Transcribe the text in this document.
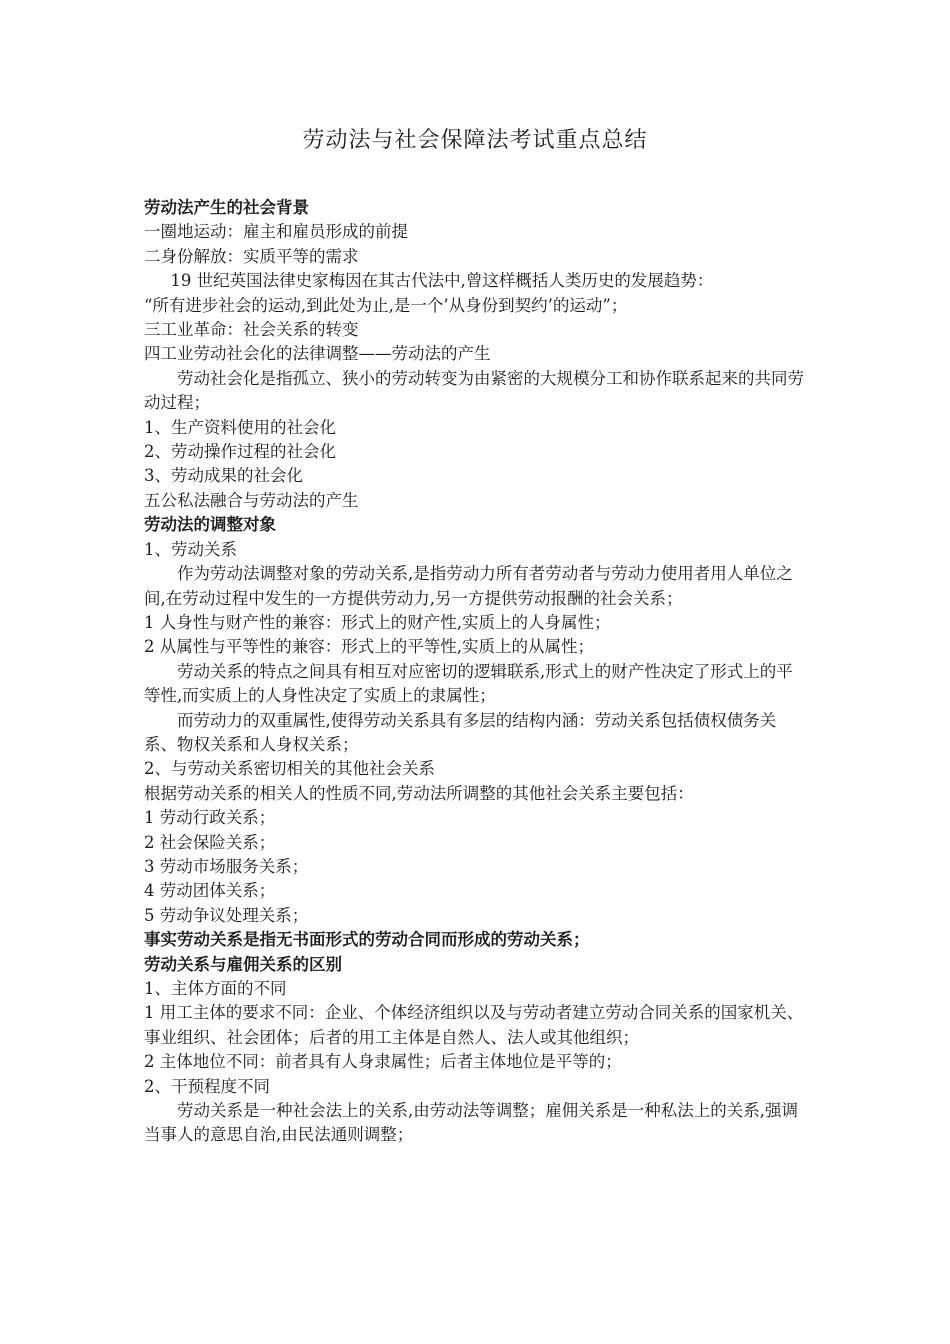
劳动法与社会保障法考试重点总结

劳动法产生的社会背景

一圈地运动：雇主和雇员形成的前提

二身份解放：实质平等的需求

19 世纪英国法律史家梅因在其古代法中,曾这样概括人类历史的发展趋势：

“所有进步社会的运动,到此处为止,是一个’从身份到契约’的运动”；

三工业革命：社会关系的转变

四工业劳动社会化的法律调整——劳动法的产生

劳动社会化是指孤立、狭小的劳动转变为由紧密的大规模分工和协作联系起来的共同劳动过程；

1、生产资料使用的社会化

2、劳动操作过程的社会化

3、劳动成果的社会化

五公私法融合与劳动法的产生

劳动法的调整对象

1、劳动关系

作为劳动法调整对象的劳动关系,是指劳动力所有者劳动者与劳动力使用者用人单位之间,在劳动过程中发生的一方提供劳动力,另一方提供劳动报酬的社会关系；

1 人身性与财产性的兼容：形式上的财产性,实质上的人身属性；

2 从属性与平等性的兼容：形式上的平等性,实质上的从属性；

劳动关系的特点之间具有相互对应密切的逻辑联系,形式上的财产性决定了形式上的平等性,而实质上的人身性决定了实质上的隶属性；

而劳动力的双重属性,使得劳动关系具有多层的结构内涵：劳动关系包括债权债务关系、物权关系和人身权关系；

2、与劳动关系密切相关的其他社会关系

根据劳动关系的相关人的性质不同,劳动法所调整的其他社会关系主要包括：

1 劳动行政关系；

2 社会保险关系；

3 劳动市场服务关系；

4 劳动团体关系；

5 劳动争议处理关系；

事实劳动关系是指无书面形式的劳动合同而形成的劳动关系；

劳动关系与雇佣关系的区别

1、主体方面的不同

1 用工主体的要求不同：企业、个体经济组织以及与劳动者建立劳动合同关系的国家机关、事业组织、社会团体；后者的用工主体是自然人、法人或其他组织；

2 主体地位不同：前者具有人身隶属性；后者主体地位是平等的；

2、干预程度不同

劳动关系是一种社会法上的关系,由劳动法等调整；雇佣关系是一种私法上的关系,强调当事人的意思自治,由民法通则调整；
